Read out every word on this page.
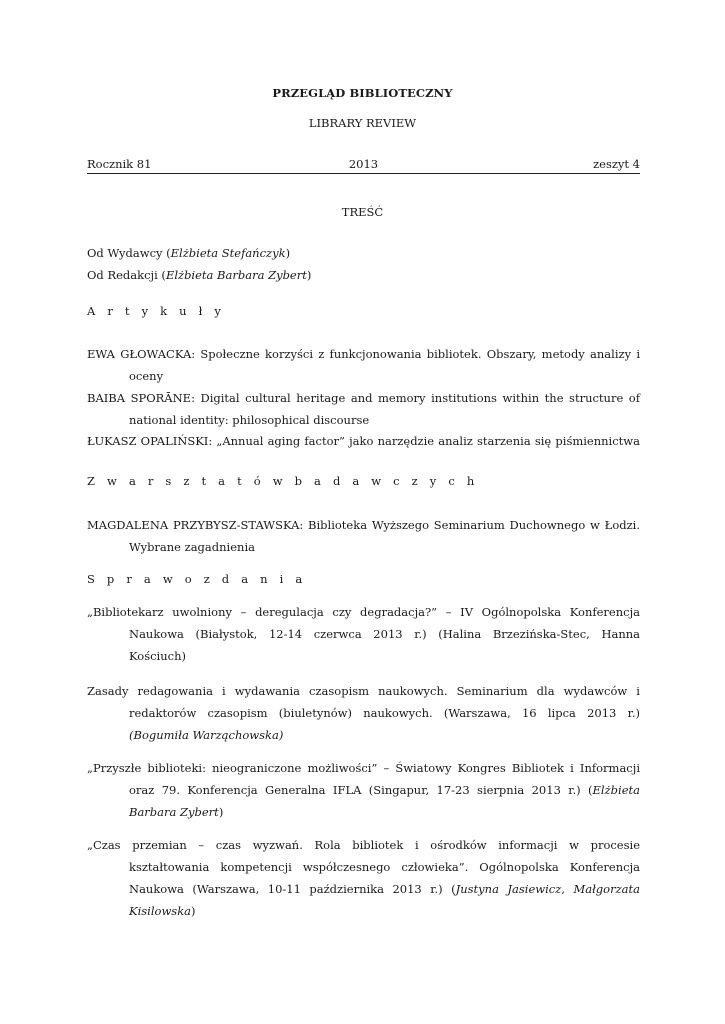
PRZEGLĄD BIBLIOTECZNY
LIBRARY REVIEW
Rocznik 81	2013	zeszyt 4
TREŚĆ
Od Wydawcy (Elżbieta Stefańczyk)
Od Redakcji (Elżbieta Barbara Zybert)
A r t y k u ł y
EWA GŁOWACKA: Społeczne korzyści z funkcjonowania bibliotek. Obszary, metody analizy i
oceny
BAIBA SPORĀNE: Digital cultural heritage and memory institutions within the structure of
national identity: philosophical discourse
ŁUKASZ OPALIŃSKI: „Annual aging factor” jako narzędzie analiz starzenia się piśmiennictwa
Z w a r s z t a t ó w b a d a w c z y c h
MAGDALENA PRZYBYSZ-STAWSKA: Biblioteka Wyższego Seminarium Duchownego w Łodzi.
Wybrane zagadnienia
S p r a w o z d a n i a
„Bibliotekarz uwolniony – deregulacja czy degradacja?” – IV Ogólnopolska Konferencja
Naukowa (Białystok, 12-14 czerwca 2013 r.) (Halina Brzezińska-Stec, Hanna
Kościuch)
Zasady redagowania i wydawania czasopism naukowych. Seminarium dla wydawców i
redaktorów czasopism (biuletynów) naukowych. (Warszawa, 16 lipca 2013 r.)
(Bogumiła Warząchowska)
„Przyszłe biblioteki: nieograniczone możliwości” – Światowy Kongres Bibliotek i Informacji
oraz 79. Konferencja Generalna IFLA (Singapur, 17-23 sierpnia 2013 r.) (Elżbieta
Barbara Zybert)
„Czas przemian – czas wyzwań. Rola bibliotek i ośrodków informacji w procesie
kształtowania kompetencji współczesnego człowieka”. Ogólnopolska Konferencja
Naukowa (Warszawa, 10-11 października 2013 r.) (Justyna Jasiewicz, Małgorzata
Kisilowska)
